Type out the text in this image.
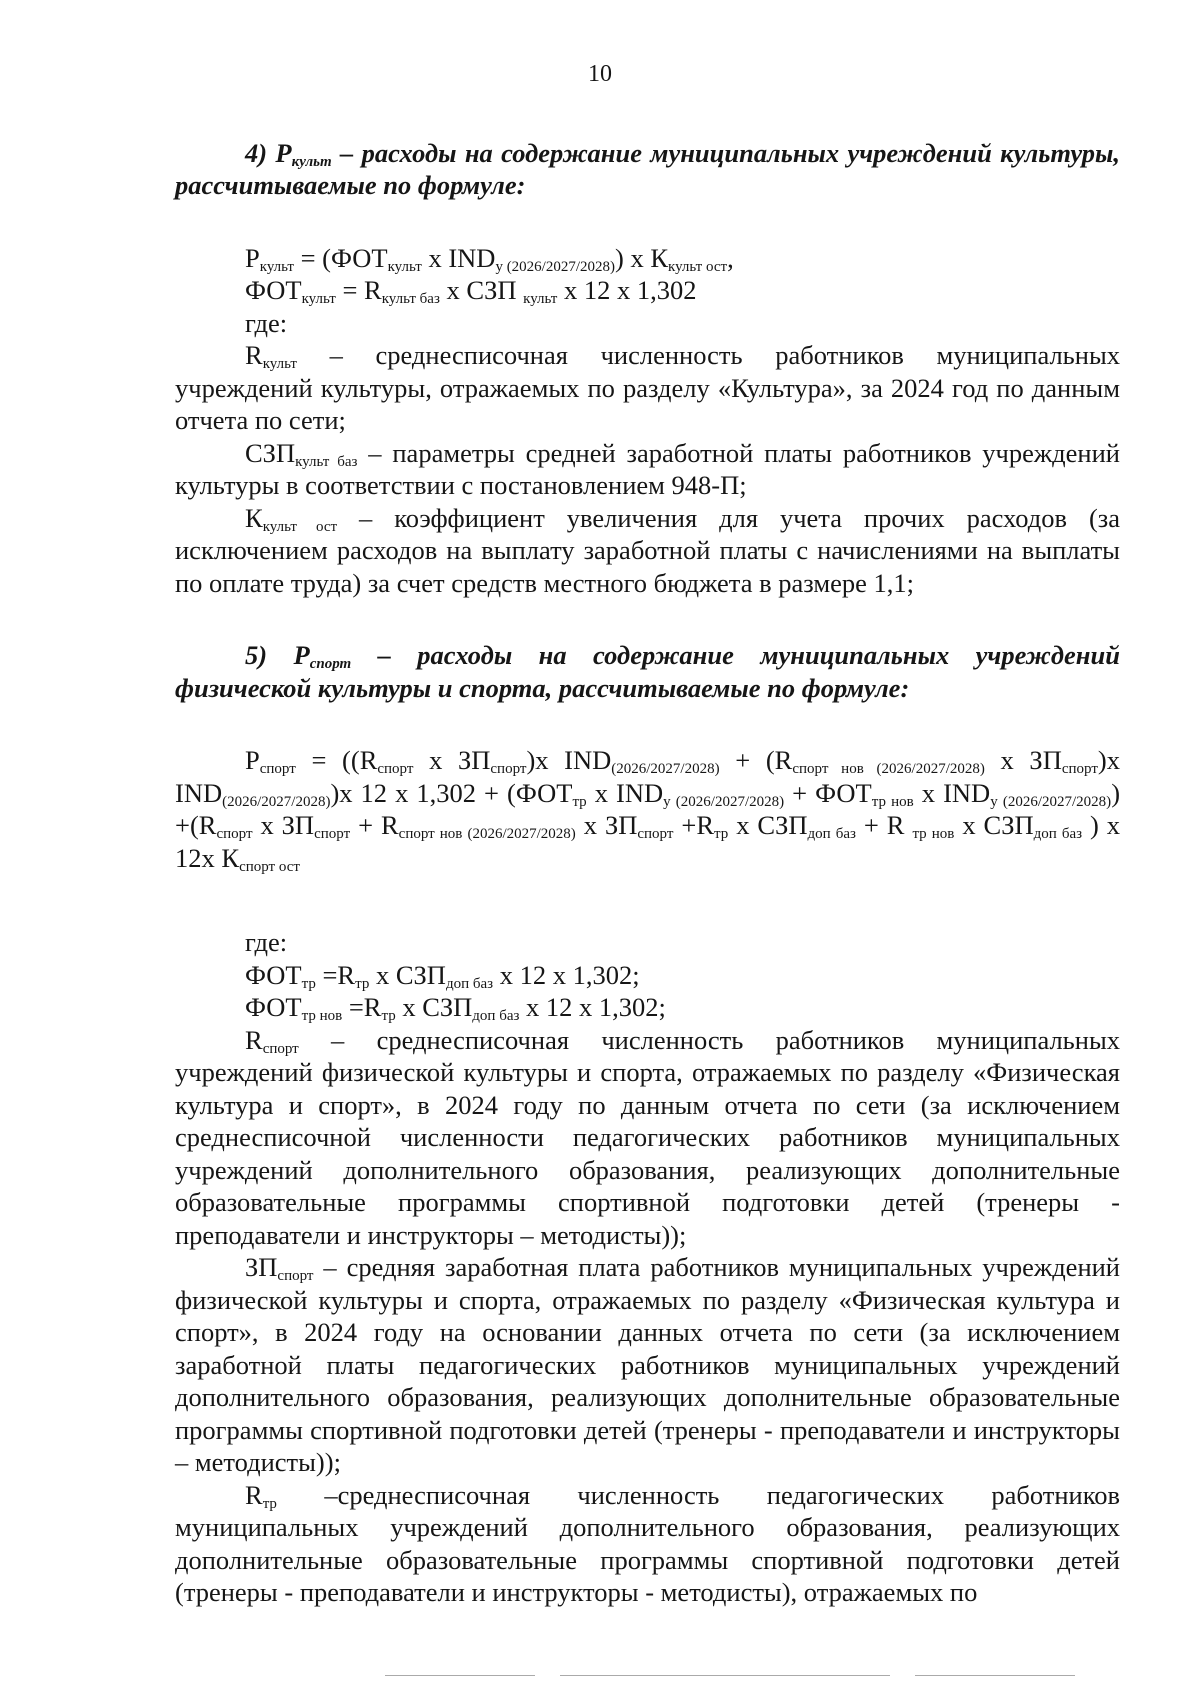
10

4) $Р_{культ}$ – расходы на содержание муниципальных учреждений культуры, рассчитываемые по формуле:

$Р_{культ} = (ФОТ_{культ}$ x $IND_{у (2026/2027/2028)}$) x $К_{культ ост}$,

$ФОТ_{культ} = R_{культ баз}$ x СЗП $_{культ}$ x 12 x 1,302

где:

$R_{культ}$ – среднесписочная численность работников муниципальных учреждений культуры, отражаемых по разделу «Культура», за 2024 год по данным отчета по сети;

$СЗП_{культ баз}$ – параметры средней заработной платы работников учреждений культуры в соответствии с постановлением 948-П;

$К_{культ ост}$ – коэффициент увеличения для учета прочих расходов (за исключением расходов на выплату заработной платы с начислениями на выплаты по оплате труда) за счет средств местного бюджета в размере 1,1;

5) $Р_{спорт}$ – расходы на содержание муниципальных учреждений физической культуры и спорта, рассчитываемые по формуле:

$Р_{спорт} = ((R_{спорт}$ x $ЗП_{спорт})x$ $IND_{(2026/2027/2028)} + (R_{спорт нов (2026/2027/2028)}$ x $ЗП_{спорт})x$ $IND_{(2026/2027/2028)})x$ 12 x $1,302 + (ФОТ_{тр}$ x $IND_{у (2026/2027/2028)} + ФОТ_{тр нов}$ x $IND_{у (2026/2027/2028)}) +(R_{спорт}$ x $ЗП_{спорт} + R_{спорт нов (2026/2027/2028)}$ x $ЗП_{спорт} +R_{тр}$ x $СЗП_{доп баз} + R$ $_{тр нов}$ x $СЗП_{доп баз}$ ) x 12x $К_{спорт ост}$

где:

$ФОТ_{тр} =R_{тр}$ x $СЗП_{доп баз}$ x 12 x 1,302;

$ФОТ_{тр нов} =R_{тр}$ x $СЗП_{доп баз}$ x 12 x 1,302;

$R_{спорт}$ – среднесписочная численность работников муниципальных учреждений физической культуры и спорта, отражаемых по разделу «Физическая культура и спорт», в 2024 году по данным отчета по сети (за исключением среднесписочной численности педагогических работников муниципальных учреждений дополнительного образования, реализующих дополнительные образовательные программы спортивной подготовки детей (тренеры - преподаватели и инструкторы – методисты));

$ЗП_{спорт}$ – средняя заработная плата работников муниципальных учреждений физической культуры и спорта, отражаемых по разделу «Физическая культура и спорт», в 2024 году на основании данных отчета по сети (за исключением заработной платы педагогических работников муниципальных учреждений дополнительного образования, реализующих дополнительные образовательные программы спортивной подготовки детей (тренеры - преподаватели и инструкторы – методисты));

$R_{тр}$ –среднесписочная численность педагогических работников муниципальных учреждений дополнительного образования, реализующих дополнительные образовательные программы спортивной подготовки детей (тренеры - преподаватели и инструкторы - методисты), отражаемых по
